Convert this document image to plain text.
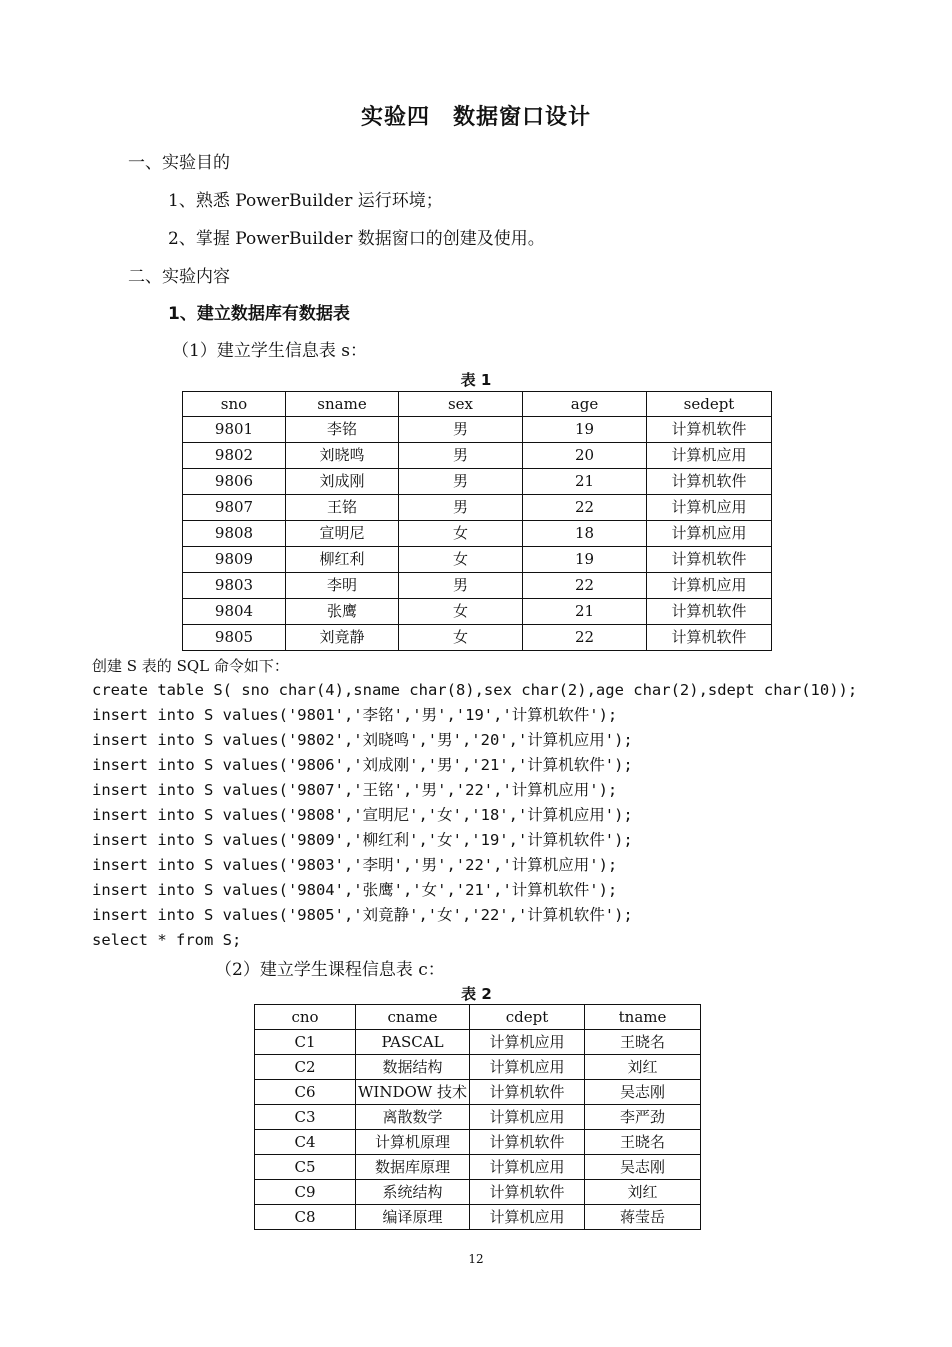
实验四　数据窗口设计
一、实验目的
1、熟悉 PowerBuilder 运行环境；
2、掌握 PowerBuilder 数据窗口的创建及使用。
二、实验内容
1、建立数据库有数据表
（1）建立学生信息表 s：
表 1
sno	sname	sex	age	sedept
9801	李铭	男	19	计算机软件
9802	刘晓鸣	男	20	计算机应用
9806	刘成刚	男	21	计算机软件
9807	王铭	男	22	计算机应用
9808	宣明尼	女	18	计算机应用
9809	柳红利	女	19	计算机软件
9803	李明	男	22	计算机应用
9804	张鹰	女	21	计算机软件
9805	刘竟静	女	22	计算机软件
创建 S 表的 SQL 命令如下：
create table S( sno char(4),sname char(8),sex char(2),age char(2),sdept char(10));
insert into S values('9801','李铭','男','19','计算机软件');
insert into S values('9802','刘晓鸣','男','20','计算机应用');
insert into S values('9806','刘成刚','男','21','计算机软件');
insert into S values('9807','王铭','男','22','计算机应用');
insert into S values('9808','宣明尼','女','18','计算机应用');
insert into S values('9809','柳红利','女','19','计算机软件');
insert into S values('9803','李明','男','22','计算机应用');
insert into S values('9804','张鹰','女','21','计算机软件');
insert into S values('9805','刘竟静','女','22','计算机软件');
select * from S;
（2）建立学生课程信息表 c：
表 2
cno	cname	cdept	tname
C1	PASCAL	计算机应用	王晓名
C2	数据结构	计算机应用	刘红
C6	WINDOW 技术	计算机软件	吴志刚
C3	离散数学	计算机应用	李严劲
C4	计算机原理	计算机软件	王晓名
C5	数据库原理	计算机应用	吴志刚
C9	系统结构	计算机软件	刘红
C8	编译原理	计算机应用	蒋莹岳
12
